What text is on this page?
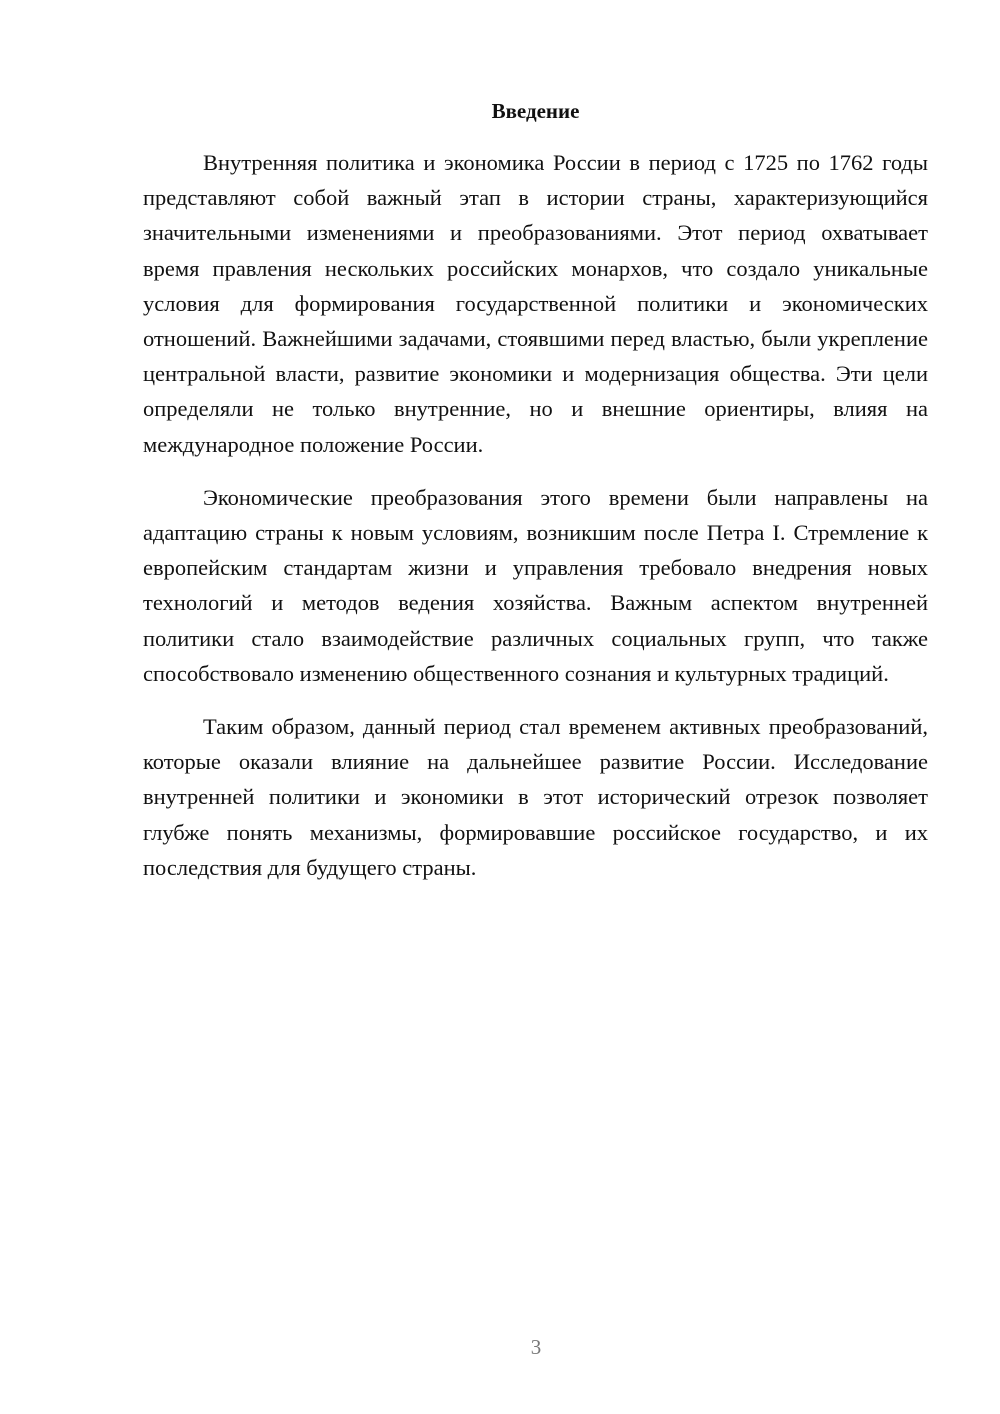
Введение

Внутренняя политика и экономика России в период с 1725 по 1762 годы представляют собой важный этап в истории страны, характеризующийся значительными изменениями и преобразованиями. Этот период охватывает время правления нескольких российских монархов, что создало уникальные условия для формирования государственной политики и экономических отношений. Важнейшими задачами, стоявшими перед властью, были укрепление центральной власти, развитие экономики и модернизация общества. Эти цели определяли не только внутренние, но и внешние ориентиры, влияя на международное положение России.

Экономические преобразования этого времени были направлены на адаптацию страны к новым условиям, возникшим после Петра I. Стремление к европейским стандартам жизни и управления требовало внедрения новых технологий и методов ведения хозяйства. Важным аспектом внутренней политики стало взаимодействие различных социальных групп, что также способствовало изменению общественного сознания и культурных традиций.

Таким образом, данный период стал временем активных преобразований, которые оказали влияние на дальнейшее развитие России. Исследование внутренней политики и экономики в этот исторический отрезок позволяет глубже понять механизмы, формировавшие российское государство, и их последствия для будущего страны.

3
